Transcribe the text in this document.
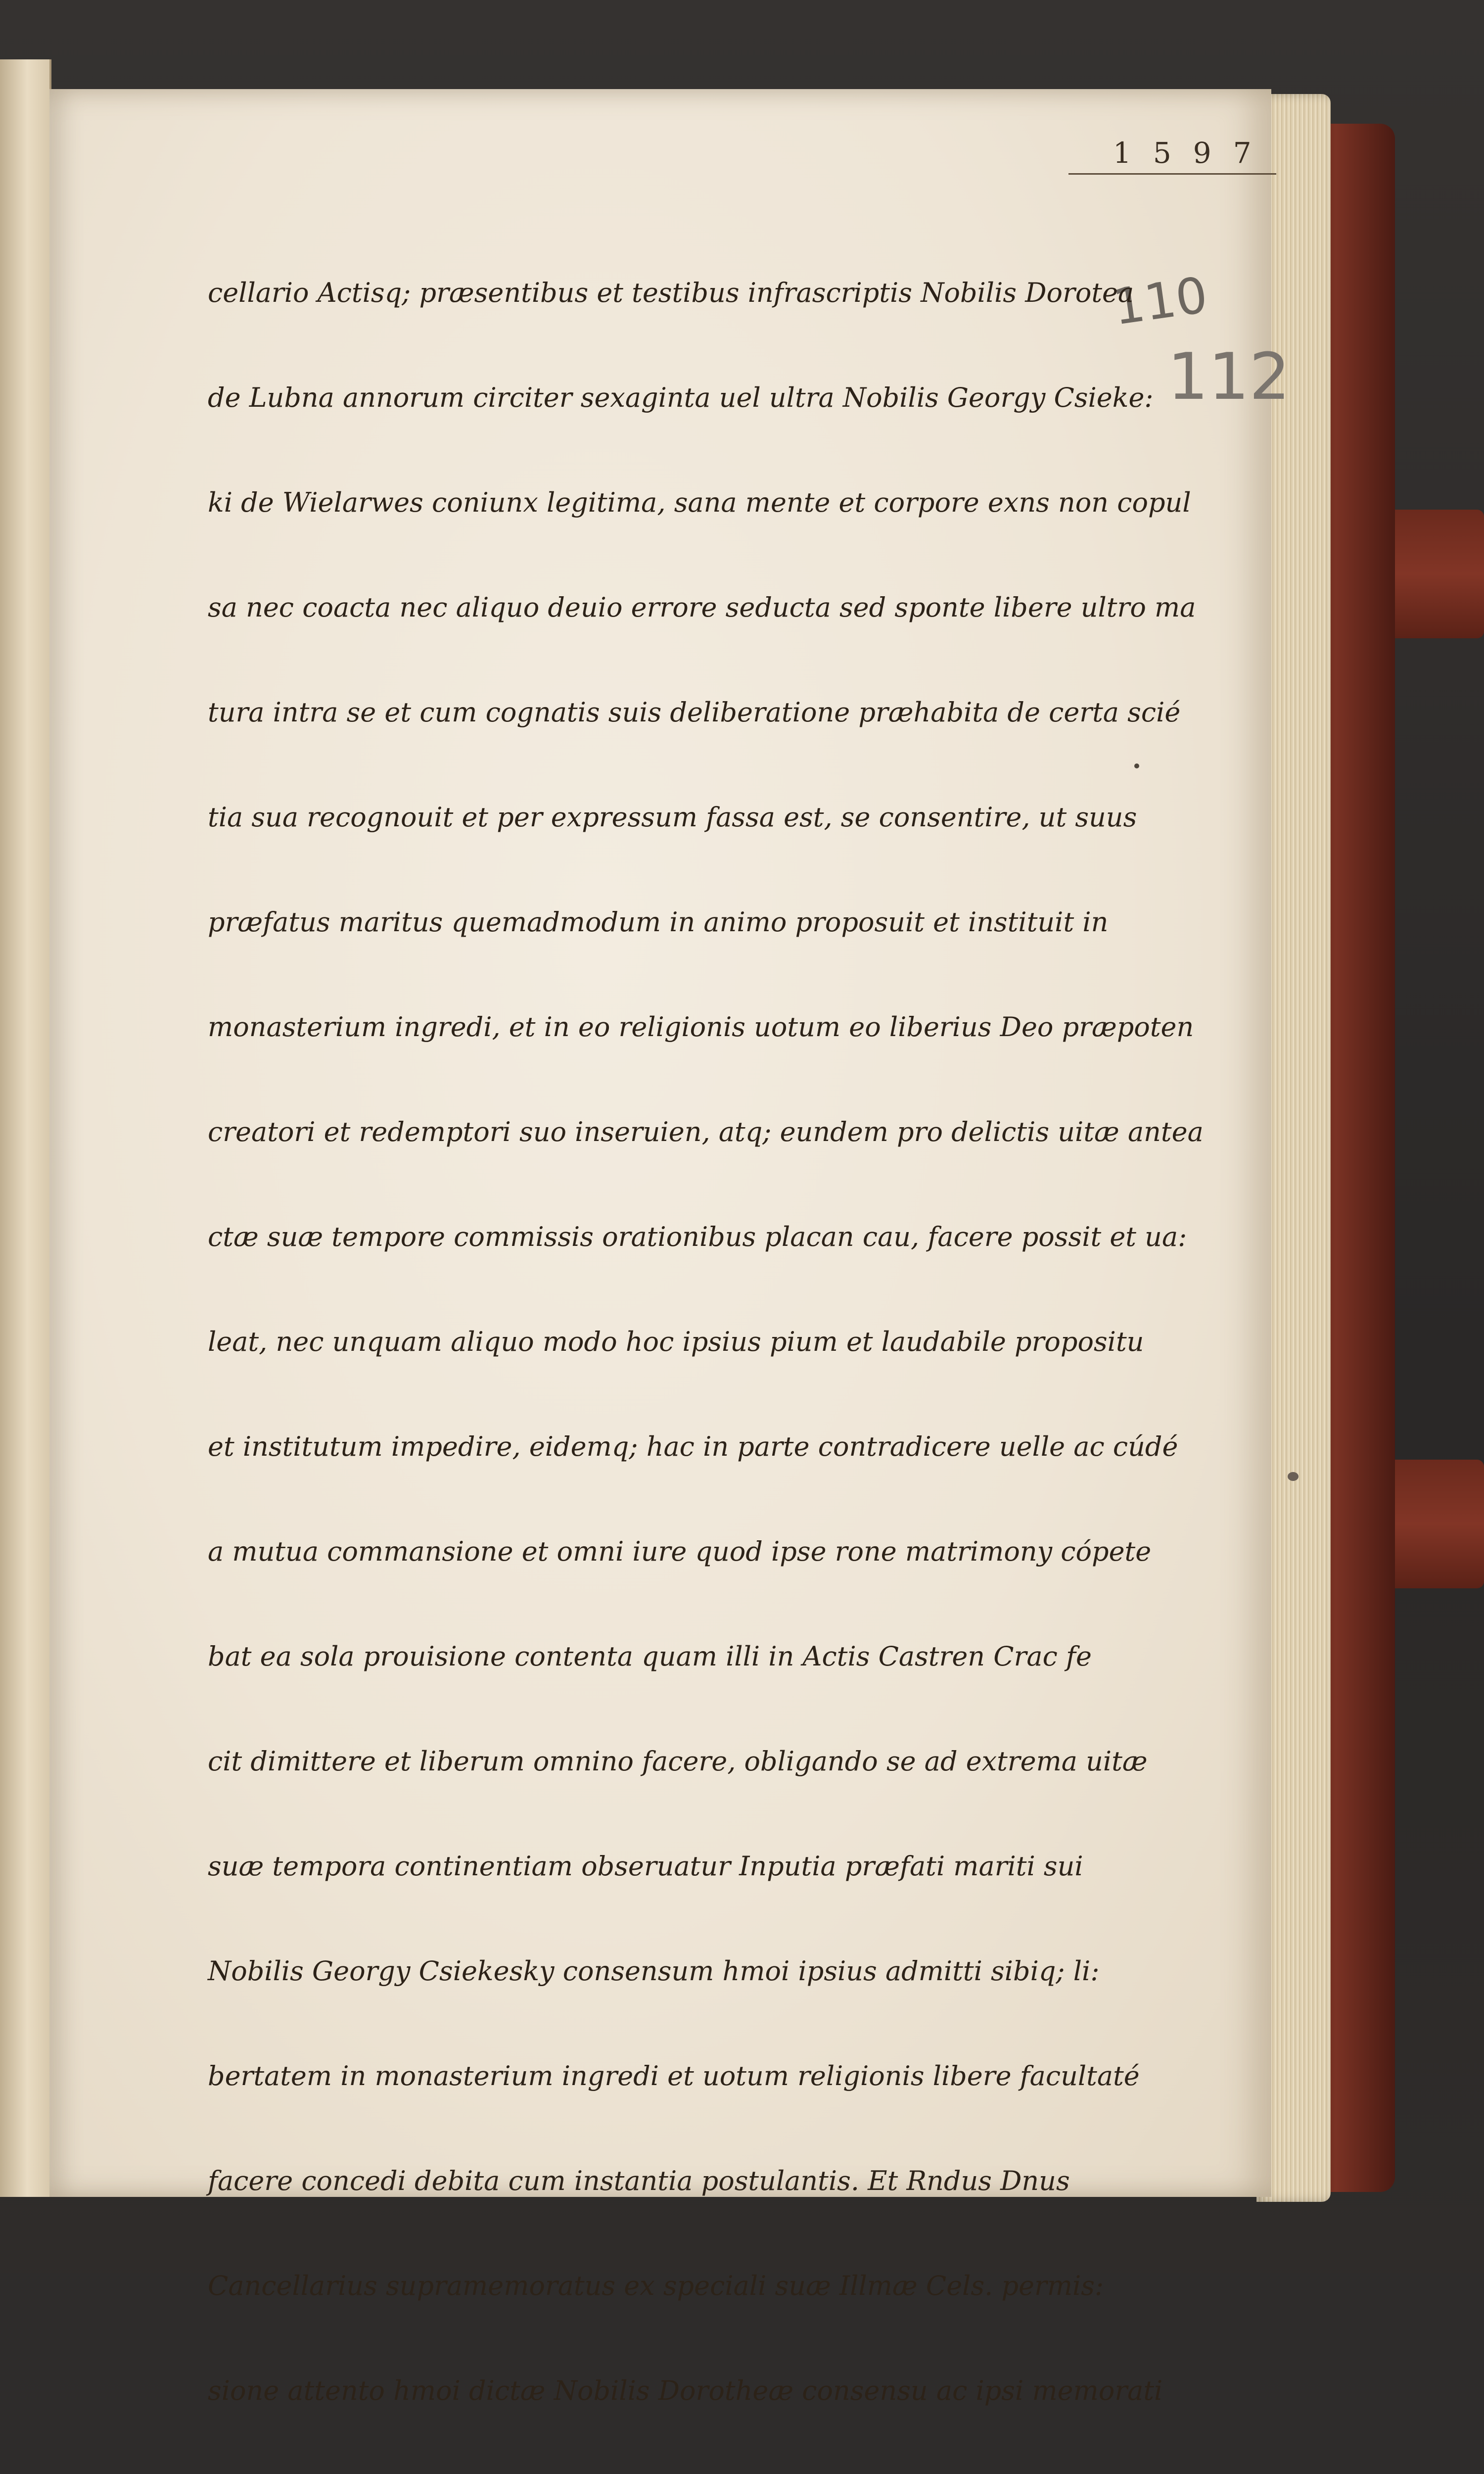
1597
110
112
cellario Actisq; præsentibus et testibus infrascriptis Nobilis Dorotea
de Lubna annorum circiter sexaginta uel ultra Nobilis Georgy Csieke:
ki de Wielarwes coniunx legitima, sana mente et corpore exns non copul
sa nec coacta nec aliquo deuio errore seducta sed sponte libere ultro ma
tura intra se et cum cognatis suis deliberatione præhabita de certa scié
tia sua recognouit et per expressum fassa est, se consentire, ut suus
præfatus maritus quemadmodum in animo proposuit et instituit in
monasterium ingredi, et in eo religionis uotum eo liberius Deo præpoten
creatori et redemptori suo inseruien, atq; eundem pro delictis uitæ antea
ctæ suæ tempore commissis orationibus placan cau, facere possit et ua:
leat, nec unquam aliquo modo hoc ipsius pium et laudabile propositu
et institutum impedire, eidemq; hac in parte contradicere uelle ac cúdé
a mutua commansione et omni iure quod ipse rone matrimony cópete
bat ea sola prouisione contenta quam illi in Actis Castren Crac fe
cit dimittere et liberum omnino facere, obligando se ad extrema uitæ
suæ tempora continentiam obseruatur Inputia præfati mariti sui
Nobilis Georgy Csiekesky consensum hmoi ipsius admitti sibiq; li:
bertatem in monasterium ingredi et uotum religionis libere facultaté
facere concedi debita cum instantia postulantis. Et Rndus Dnus
Cancellarius supramemoratus ex speciali suæ Illmæ Cels. permis:
sione attento hmoi dictæ Nobilis Dorotheæ consensu ac ipsi memorati
